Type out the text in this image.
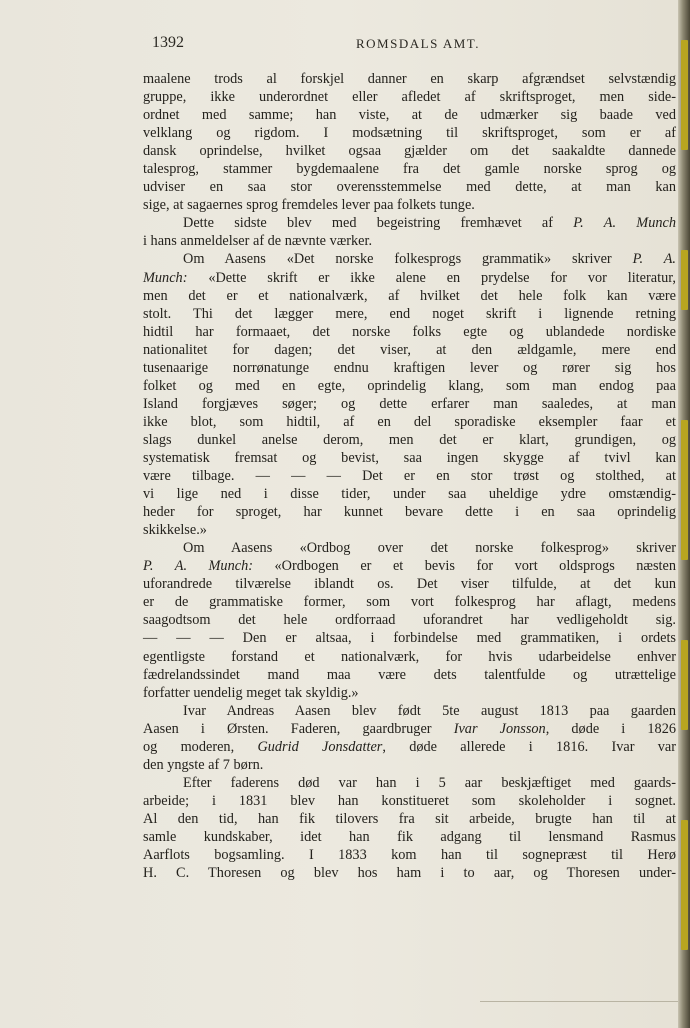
1392	ROMSDALS AMT.
maalene trods al forskjel danner en skarp afgrændset selvstændig
gruppe, ikke underordnet eller afledet af skriftsproget, men side-
ordnet med samme; han viste, at de udmærker sig baade ved
velklang og rigdom. I modsætning til skriftsproget, som er af
dansk oprindelse, hvilket ogsaa gjælder om det saakaldte dannede
talesprog, stammer bygdemaalene fra det gamle norske sprog og
udviser en saa stor overensstemmelse med dette, at man kan
sige, at sagaernes sprog fremdeles lever paa folkets tunge.
Dette sidste blev med begeistring fremhævet af P. A. Munch
i hans anmeldelser af de nævnte værker.
Om Aasens «Det norske folkesprogs grammatik» skriver P. A.
Munch: «Dette skrift er ikke alene en prydelse for vor literatur,
men det er et nationalværk, af hvilket det hele folk kan være
stolt. Thi det lægger mere, end noget skrift i lignende retning
hidtil har formaaet, det norske folks egte og ublandede nordiske
nationalitet for dagen; det viser, at den ældgamle, mere end
tusenaarige norrønatunge endnu kraftigen lever og rører sig hos
folket og med en egte, oprindelig klang, som man endog paa
Island forgjæves søger; og dette erfarer man saaledes, at man
ikke blot, som hidtil, af en del sporadiske eksempler faar et
slags dunkel anelse derom, men det er klart, grundigen, og
systematisk fremsat og bevist, saa ingen skygge af tvivl kan
være tilbage. — — — Det er en stor trøst og stolthed, at
vi lige ned i disse tider, under saa uheldige ydre omstændig-
heder for sproget, har kunnet bevare dette i en saa oprindelig
skikkelse.»
Om Aasens «Ordbog over det norske folkesprog» skriver
P. A. Munch: «Ordbogen er et bevis for vort oldsprogs næsten
uforandrede tilværelse iblandt os. Det viser tilfulde, at det kun
er de grammatiske former, som vort folkesprog har aflagt, medens
saagodtsom det hele ordforraad uforandret har vedligeholdt sig.
— — — Den er altsaa, i forbindelse med grammatiken, i ordets
egentligste forstand et nationalværk, for hvis udarbeidelse enhver
fædrelandssindet mand maa være dets talentfulde og utrættelige
forfatter uendelig meget tak skyldig.»
Ivar Andreas Aasen blev født 5te august 1813 paa gaarden
Aasen i Ørsten. Faderen, gaardbruger Ivar Jonsson, døde i 1826
og moderen, Gudrid Jonsdatter, døde allerede i 1816. Ivar var
den yngste af 7 børn.
Efter faderens død var han i 5 aar beskjæftiget med gaards-
arbeide; i 1831 blev han konstitueret som skoleholder i sognet.
Al den tid, han fik tilovers fra sit arbeide, brugte han til at
samle kundskaber, idet han fik adgang til lensmand Rasmus
Aarflots bogsamling. I 1833 kom han til sognepræst til Herø
H. C. Thoresen og blev hos ham i to aar, og Thoresen under-
